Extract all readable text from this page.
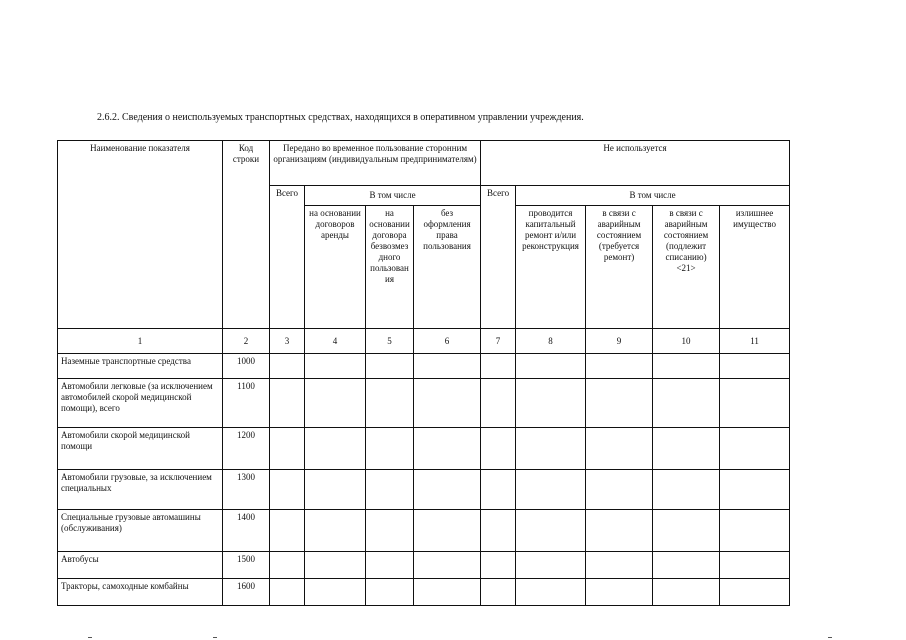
2.6.2. Сведения о неиспользуемых транспортных средствах, находящихся в оперативном управлении учреждения.
Наименование показателя	Код строки	Передано во временное пользование сторонним организациям (индивидуальным предпринимателям)				Не используется				
		Всего	В том числе			Всего	В том числе			
			на основании договоров аренды	на основании договора безвозмездного пользования	без оформления права пользования		проводится капитальный ремонт и/или реконструкция	в связи с аварийным состоянием (требуется ремонт)	в связи с аварийным состоянием (подлежит списанию) <21>	излишнее имущество
1	2	3	4	5	6	7	8	9	10	11
Наземные транспортные средства	1000									
Автомобили легковые (за исключением автомобилей скорой медицинской помощи), всего	1100									
Автомобили скорой медицинской помощи	1200									
Автомобили грузовые, за исключением специальных	1300									
Специальные грузовые автомашины (обслуживания)	1400									
Автобусы	1500									
Тракторы, самоходные комбайны	1600									
